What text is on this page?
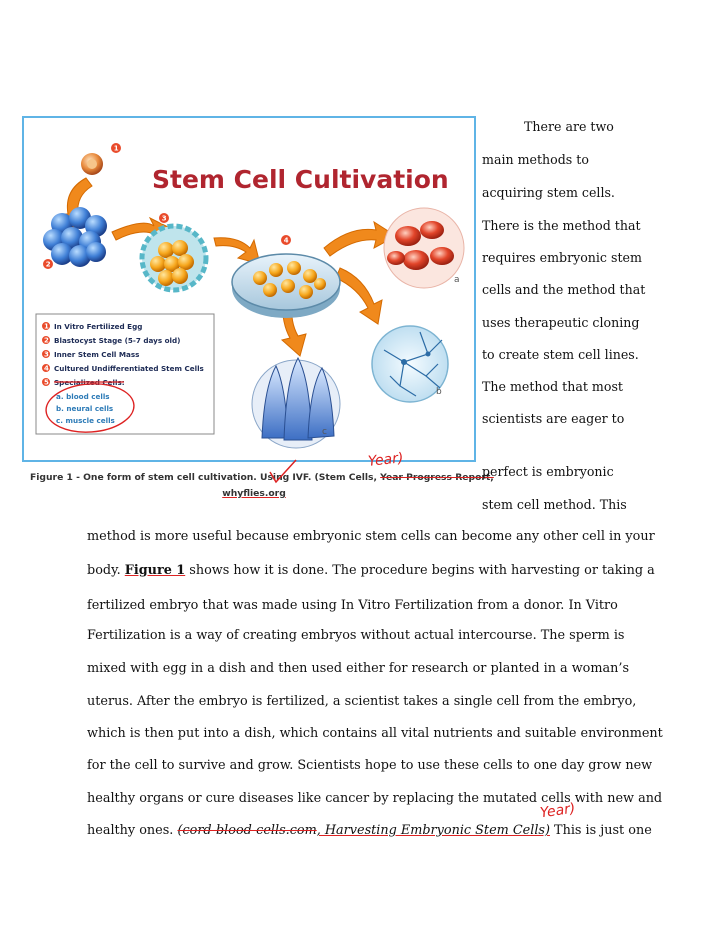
Stem Cell Cultivation
1
2
3
4
a
b
c
1 In Vitro Fertilized Egg
2 Blastocyst Stage (5-7 days old)
3 Inner Stem Cell Mass
4 Cultured Undifferentiated Stem Cells
5 Specialized Cells:
a. blood cells
b. neural cells
c. muscle cells
Figure 1 - One form of stem cell cultivation. Using IVF. (Stem Cells, Year Progress Report,
whyflies.org
Year)
There are two
main methods to
acquiring stem cells.
There is the method that
requires embryonic stem
cells and the method that
uses therapeutic cloning
to create stem cell lines.
The method that most
scientists are eager to
perfect is embryonic
stem cell method. This
method is more useful because embryonic stem cells can become any other cell in your
body. Figure 1 shows how it is done. The procedure begins with harvesting or taking a
fertilized embryo that was made using In Vitro Fertilization from a donor. In Vitro
Fertilization is a way of creating embryos without actual intercourse. The sperm is
mixed with egg in a dish and then used either for research or planted in a woman’s
uterus. After the embryo is fertilized, a scientist takes a single cell from the embryo,
which is then put into a dish, which contains all vital nutrients and suitable environment
for the cell to survive and grow. Scientists hope to use these cells to one day grow new
healthy organs or cure diseases like cancer by replacing the mutated cells with new and
healthy ones. (cord-blood-cells.com, Harvesting Embryonic Stem Cells) This is just one
Year)
